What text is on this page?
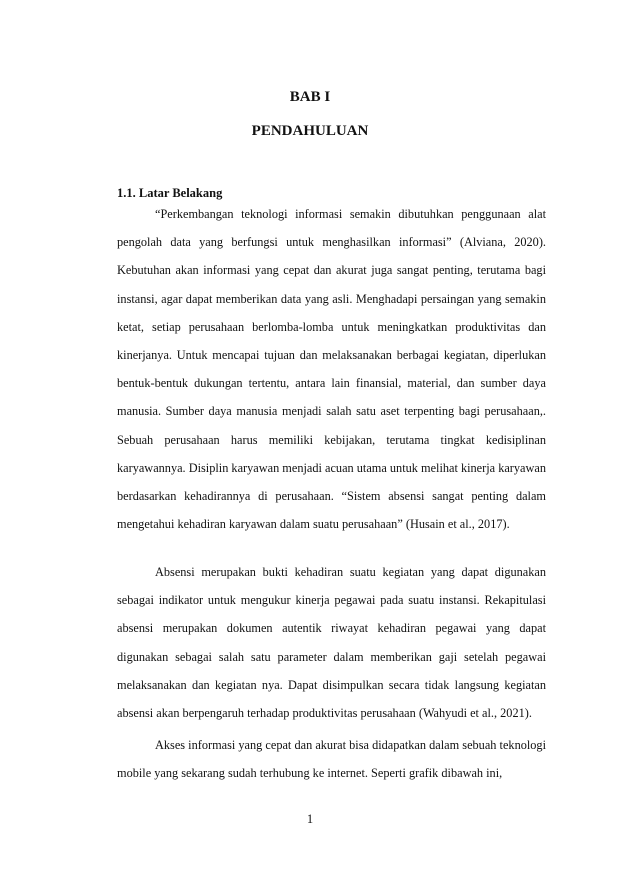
BAB I
PENDAHULUAN
1.1. Latar Belakang
“Perkembangan teknologi informasi semakin dibutuhkan penggunaan alat
pengolah data yang berfungsi untuk menghasilkan informasi” (Alviana, 2020).
Kebutuhan akan informasi yang cepat dan akurat juga sangat penting, terutama bagi
instansi, agar dapat memberikan data yang asli. Menghadapi persaingan yang semakin
ketat, setiap perusahaan berlomba-lomba untuk meningkatkan produktivitas dan
kinerjanya. Untuk mencapai tujuan dan melaksanakan berbagai kegiatan, diperlukan
bentuk-bentuk dukungan tertentu, antara lain finansial, material, dan sumber daya
manusia. Sumber daya manusia menjadi salah satu aset terpenting bagi perusahaan,.
Sebuah perusahaan harus memiliki kebijakan, terutama tingkat kedisiplinan
karyawannya. Disiplin karyawan menjadi acuan utama untuk melihat kinerja karyawan
berdasarkan kehadirannya di perusahaan. “Sistem absensi sangat penting dalam
mengetahui kehadiran karyawan dalam suatu perusahaan” (Husain et al., 2017).
Absensi merupakan bukti kehadiran suatu kegiatan yang dapat digunakan
sebagai indikator untuk mengukur kinerja pegawai pada suatu instansi. Rekapitulasi
absensi merupakan dokumen autentik riwayat kehadiran pegawai yang dapat
digunakan sebagai salah satu parameter dalam memberikan gaji setelah pegawai
melaksanakan dan kegiatan nya. Dapat disimpulkan secara tidak langsung kegiatan
absensi akan berpengaruh terhadap produktivitas perusahaan (Wahyudi et al., 2021).
Akses informasi yang cepat dan akurat bisa didapatkan dalam sebuah teknologi
mobile yang sekarang sudah terhubung ke internet. Seperti grafik dibawah ini,
1
